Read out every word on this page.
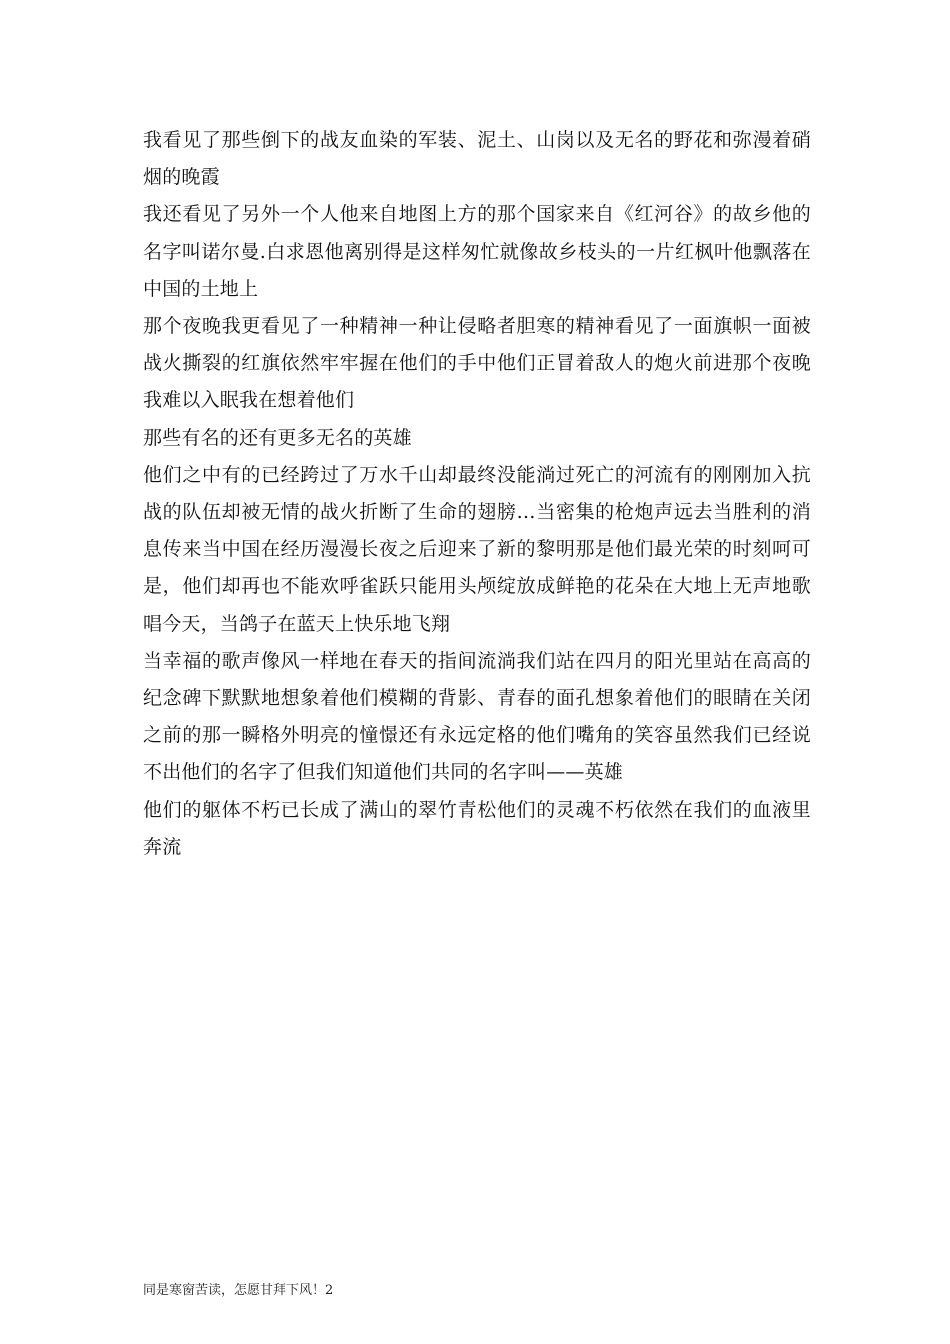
我看见了那些倒下的战友血染的军装、泥土、山岗以及无名的野花和弥漫着硝烟的晚霞

我还看见了另外一个人他来自地图上方的那个国家来自《红河谷》的故乡他的名字叫诺尔曼.白求恩他离别得是这样匆忙就像故乡枝头的一片红枫叶他飘落在中国的土地上

那个夜晚我更看见了一种精神一种让侵略者胆寒的精神看见了一面旗帜一面被战火撕裂的红旗依然牢牢握在他们的手中他们正冒着敌人的炮火前进那个夜晚我难以入眠我在想着他们

那些有名的还有更多无名的英雄

他们之中有的已经跨过了万水千山却最终没能淌过死亡的河流有的刚刚加入抗战的队伍却被无情的战火折断了生命的翅膀…当密集的枪炮声远去当胜利的消息传来当中国在经历漫漫长夜之后迎来了新的黎明那是他们最光荣的时刻呵可是，他们却再也不能欢呼雀跃只能用头颅绽放成鲜艳的花朵在大地上无声地歌唱今天，当鸽子在蓝天上快乐地飞翔

当幸福的歌声像风一样地在春天的指间流淌我们站在四月的阳光里站在高高的纪念碑下默默地想象着他们模糊的背影、青春的面孔想象着他们的眼睛在关闭之前的那一瞬格外明亮的憧憬还有永远定格的他们嘴角的笑容虽然我们已经说不出他们的名字了但我们知道他们共同的名字叫——英雄

他们的躯体不朽已长成了满山的翠竹青松他们的灵魂不朽依然在我们的血液里奔流

同是寒窗苦读，怎愿甘拜下风！2
